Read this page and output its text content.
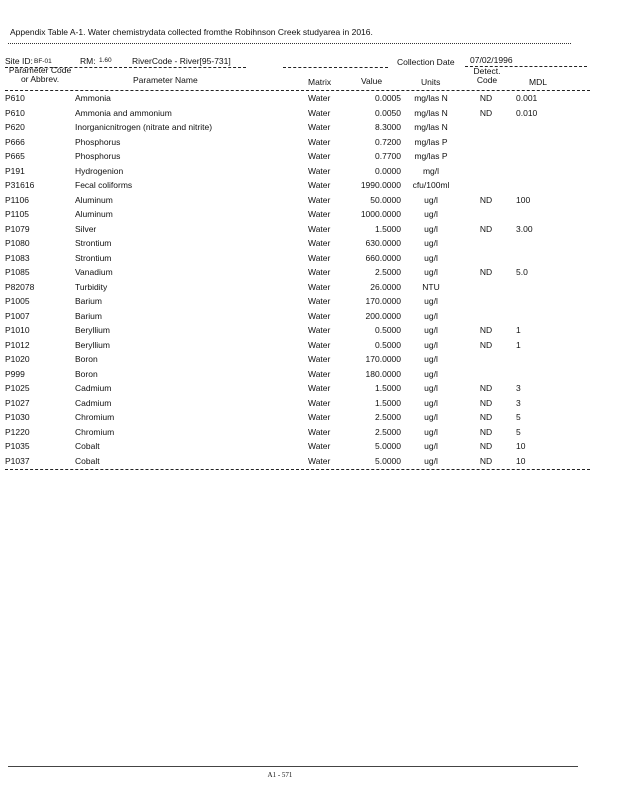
Appendix Table A-1. Water chemistrydata collected fromthe Robihnson Creek studyarea in 2016.
Site ID: BF-01	RM: 1.60 RiverCode - River[95-731]	Collection Date 07/02/1996
Parameter Code
or Abbrev.	Parameter Name	Matrix	Value	Units
Detect.
Code	MDL
P610	Ammonia	Water	0.0005	mg/las N	ND	0.001
P610	Ammonia and ammonium	Water	0.0050	mg/las N	ND	0.010
P620	Inorganicnitrogen (nitrate and nitrite)	Water	8.3000	mg/las N
P666	Phosphorus	Water	0.7200	mg/las P
P665	Phosphorus	Water	0.7700	mg/las P
P191	Hydrogenion	Water	0.0000	mg/l
P31616	Fecal coliforms	Water	1990.0000 cfu/100ml
P1106	Aluminum	Water	50.0000	ug/l	ND	100
P1105	Aluminum	Water	1000.0000	ug/l
P1079	Silver	Water	1.5000	ug/l	ND	3.00
P1080	Strontium	Water	630.0000	ug/l
P1083	Strontium	Water	660.0000	ug/l
P1085	Vanadium	Water	2.5000	ug/l	ND	5.0
P82078	Turbidity	Water	26.0000	NTU
P1005	Barium	Water	170.0000	ug/l
P1007	Barium	Water	200.0000	ug/l
P1010	Beryllium	Water	0.5000	ug/l	ND	1
P1012	Beryllium	Water	0.5000	ug/l	ND	1
P1020	Boron	Water	170.0000	ug/l
P999	Boron	Water	180.0000	ug/l
P1025	Cadmium	Water	1.5000	ug/l	ND	3
P1027	Cadmium	Water	1.5000	ug/l	ND	3
P1030	Chromium	Water	2.5000	ug/l	ND	5
P1220	Chromium	Water	2.5000	ug/l	ND	5
P1035	Cobalt	Water	5.0000	ug/l	ND	10
P1037	Cobalt	Water	5.0000	ug/l	ND	10
A1 - 571
